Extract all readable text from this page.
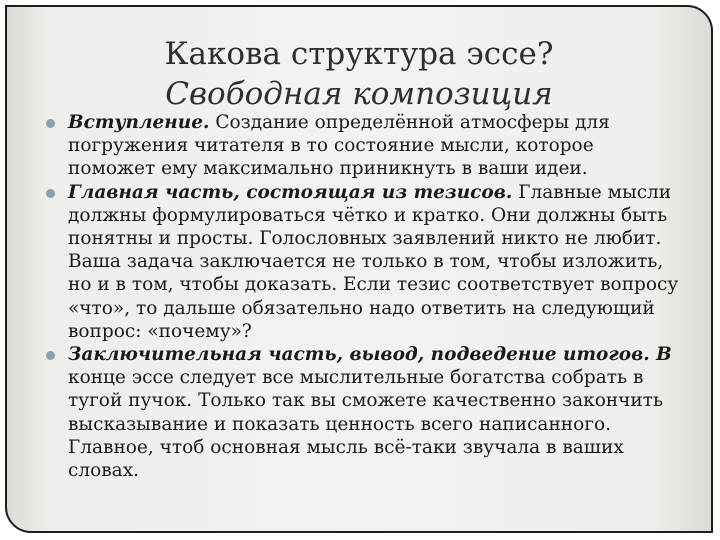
Какова структура эссе?
Свободная композиция
Вступление. Создание определённой атмосферы для погружения читателя в то состояние мысли, которое поможет ему максимально приникнуть в ваши идеи.
Главная часть, состоящая из тезисов. Главные мысли должны формулироваться чётко и кратко. Они должны быть понятны и просты. Голословных заявлений никто не любит. Ваша задача заключается не только в том, чтобы изложить, но и в том, чтобы доказать. Если тезис соответствует вопросу «что», то дальше обязательно надо ответить на следующий вопрос: «почему»?
Заключительная часть, вывод, подведение итогов. В конце эссе следует все мыслительные богатства собрать в тугой пучок. Только так вы сможете качественно закончить высказывание и показать ценность всего написанного. Главное, чтоб основная мысль всё-таки звучала в ваших словах.
